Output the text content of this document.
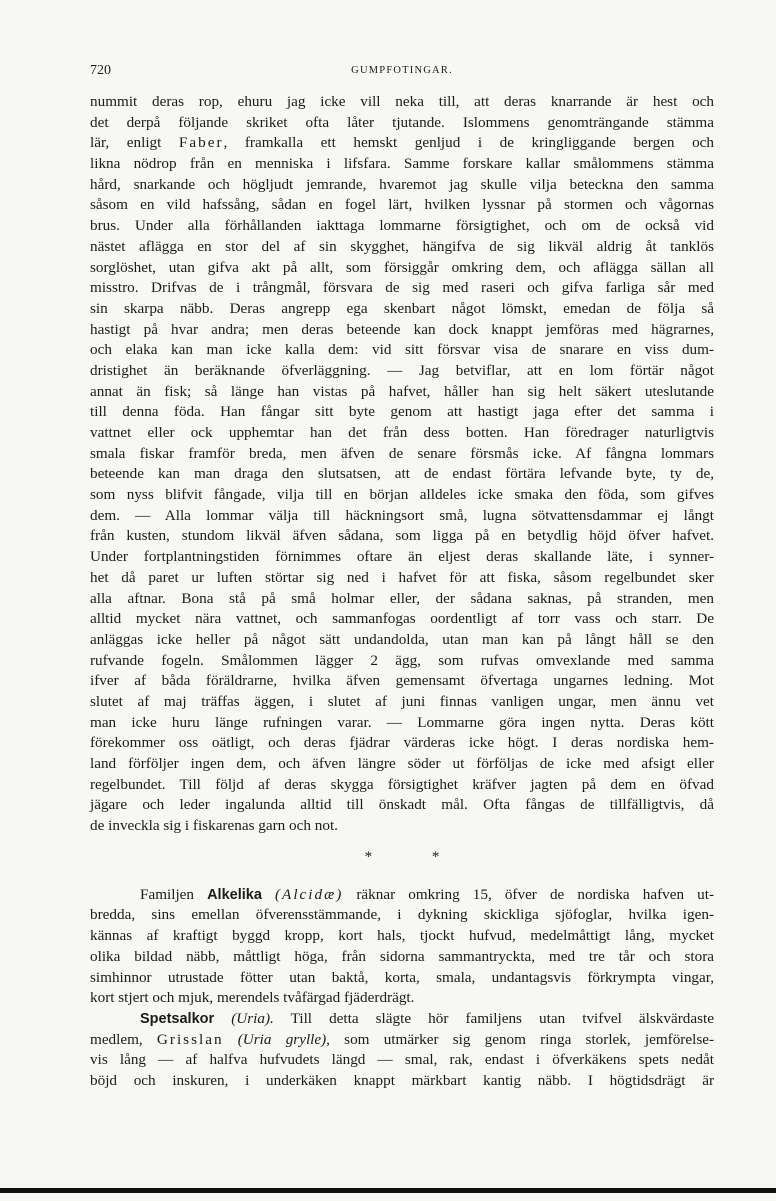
720	GUMPFOTINGAR.
nummit deras rop, ehuru jag icke vill neka till, att deras knarrande är hest och
det derpå följande skriket ofta låter tjutande. Islommens genomträngande stämma
lär, enligt Faber, framkalla ett hemskt genljud i de kringliggande bergen och
likna nödrop från en menniska i lifsfara. Samme forskare kallar smålommens stämma
hård, snarkande och högljudt jemrande, hvaremot jag skulle vilja beteckna den samma
såsom en vild hafssång, sådan en fogel lärt, hvilken lyssnar på stormen och vågornas
brus. Under alla förhållanden iakttaga lommarne försigtighet, och om de också vid
nästet aflägga en stor del af sin skygghet, hängifva de sig likväl aldrig åt tanklös
sorglöshet, utan gifva akt på allt, som försiggår omkring dem, och aflägga sällan all
misstro. Drifvas de i trångmål, försvara de sig med raseri och gifva farliga sår med
sin skarpa näbb. Deras angrepp ega skenbart något lömskt, emedan de följa så
hastigt på hvar andra; men deras beteende kan dock knappt jemföras med hägrarnes,
och elaka kan man icke kalla dem: vid sitt försvar visa de snarare en viss dum-
dristighet än beräknande öfverläggning. — Jag betviflar, att en lom förtär något
annat än fisk; så länge han vistas på hafvet, håller han sig helt säkert uteslutande
till denna föda. Han fångar sitt byte genom att hastigt jaga efter det samma i
vattnet eller ock upphemtar han det från dess botten. Han föredrager naturligtvis
smala fiskar framför breda, men äfven de senare försmås icke. Af fångna lommars
beteende kan man draga den slutsatsen, att de endast förtära lefvande byte, ty de,
som nyss blifvit fångade, vilja till en början alldeles icke smaka den föda, som gifves
dem. — Alla lommar välja till häckningsort små, lugna sötvattensdammar ej långt
från kusten, stundom likväl äfven sådana, som ligga på en betydlig höjd öfver hafvet.
Under fortplantningstiden förnimmes oftare än eljest deras skallande läte, i synner-
het då paret ur luften störtar sig ned i hafvet för att fiska, såsom regelbundet sker
alla aftnar. Bona stå på små holmar eller, der sådana saknas, på stranden, men
alltid mycket nära vattnet, och sammanfogas oordentligt af torr vass och starr. De
anläggas icke heller på något sätt undandolda, utan man kan på långt håll se den
rufvande fogeln. Smålommen lägger 2 ägg, som rufvas omvexlande med samma
ifver af båda föräldrarne, hvilka äfven gemensamt öfvertaga ungarnes ledning. Mot
slutet af maj träffas äggen, i slutet af juni finnas vanligen ungar, men ännu vet
man icke huru länge rufningen varar. — Lommarne göra ingen nytta. Deras kött
förekommer oss oätligt, och deras fjädrar värderas icke högt. I deras nordiska hem-
land förföljer ingen dem, och äfven längre söder ut förföljas de icke med afsigt eller
regelbundet. Till följd af deras skygga försigtighet kräfver jagten på dem en öfvad
jägare och leder ingalunda alltid till önskadt mål. Ofta fångas de tillfälligtvis, då
de inveckla sig i fiskarenas garn och not.
* *
Familjen Alkelika (Alcidæ) räknar omkring 15, öfver de nordiska hafven ut-
bredda, sins emellan öfverensstämmande, i dykning skickliga sjöfoglar, hvilka igen-
kännas af kraftigt byggd kropp, kort hals, tjockt hufvud, medelmåttigt lång, mycket
olika bildad näbb, måttligt höga, från sidorna sammantryckta, med tre tår och stora
simhinnor utrustade fötter utan baktå, korta, smala, undantagsvis förkrympta vingar,
kort stjert och mjuk, merendels tvåfärgad fjäderdrägt.
Spetsalkor (Uria). Till detta slägte hör familjens utan tvifvel älskvärdaste
medlem, Grisslan (Uria grylle), som utmärker sig genom ringa storlek, jemförelse-
vis lång — af halfva hufvudets längd — smal, rak, endast i öfverkäkens spets nedåt
böjd och inskuren, i underkäken knappt märkbart kantig näbb. I högtidsdrägt är
